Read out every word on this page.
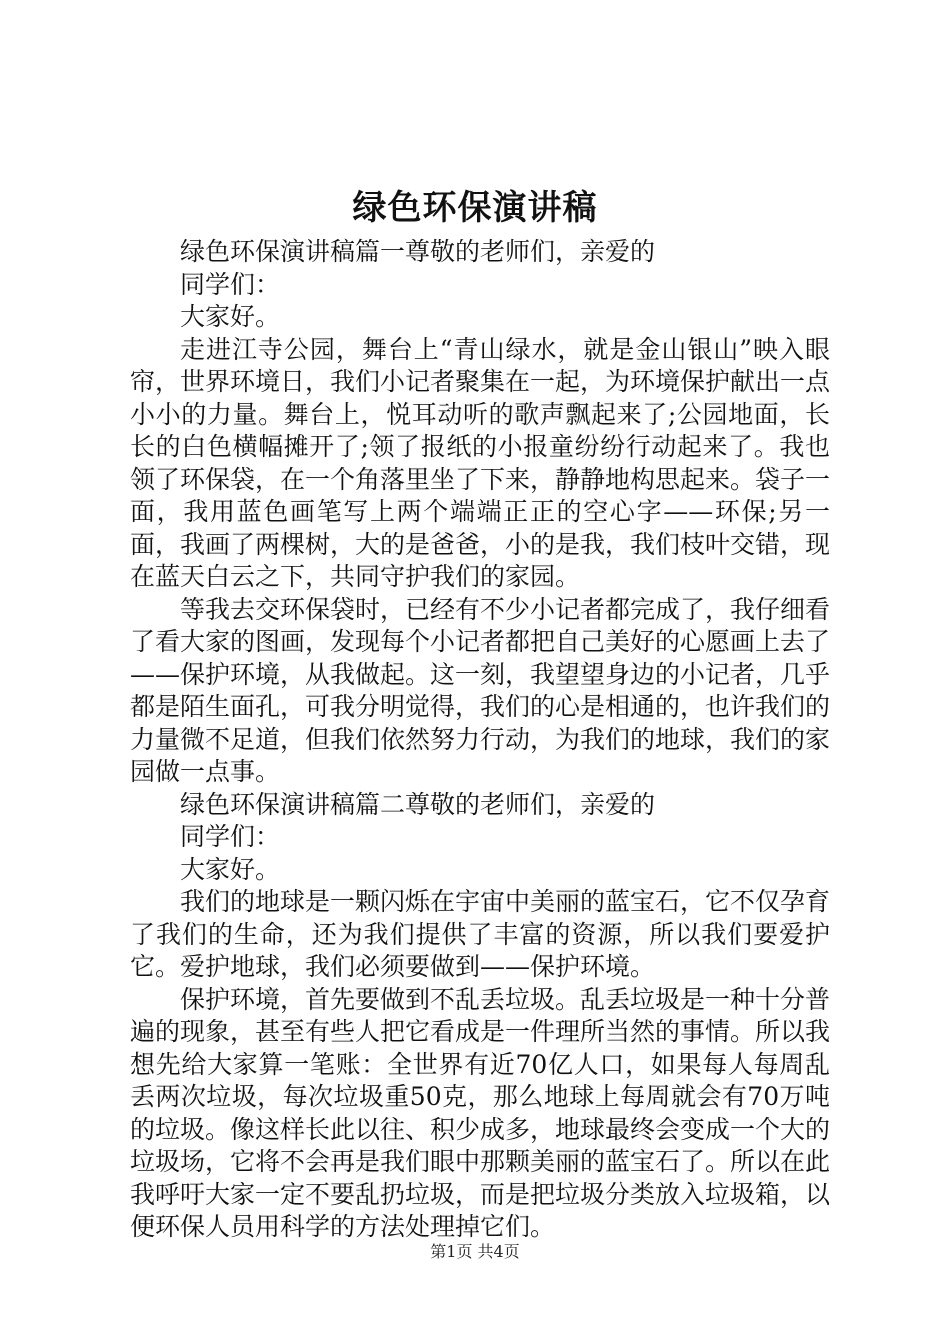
绿色环保演讲稿

绿色环保演讲稿篇一尊敬的老师们，亲爱的

同学们：

大家好。

走进江寺公园，舞台上“青山绿水，就是金山银山”映入眼帘，世界环境日，我们小记者聚集在一起，为环境保护献出一点小小的力量。舞台上，悦耳动听的歌声飘起来了;公园地面，长长的白色横幅摊开了;领了报纸的小报童纷纷行动起来了。我也领了环保袋，在一个角落里坐了下来，静静地构思起来。袋子一面，我用蓝色画笔写上两个端端正正的空心字——环保;另一面，我画了两棵树，大的是爸爸，小的是我，我们枝叶交错，现在蓝天白云之下，共同守护我们的家园。

等我去交环保袋时，已经有不少小记者都完成了，我仔细看了看大家的图画，发现每个小记者都把自己美好的心愿画上去了——保护环境，从我做起。这一刻，我望望身边的小记者，几乎都是陌生面孔，可我分明觉得，我们的心是相通的，也许我们的力量微不足道，但我们依然努力行动，为我们的地球，我们的家园做一点事。

绿色环保演讲稿篇二尊敬的老师们，亲爱的

同学们：

大家好。

我们的地球是一颗闪烁在宇宙中美丽的蓝宝石，它不仅孕育了我们的生命，还为我们提供了丰富的资源，所以我们要爱护它。爱护地球，我们必须要做到——保护环境。

保护环境，首先要做到不乱丢垃圾。乱丢垃圾是一种十分普遍的现象，甚至有些人把它看成是一件理所当然的事情。所以我想先给大家算一笔账：全世界有近70亿人口，如果每人每周乱丢两次垃圾，每次垃圾重50克，那么地球上每周就会有70万吨的垃圾。像这样长此以往、积少成多，地球最终会变成一个大的垃圾场，它将不会再是我们眼中那颗美丽的蓝宝石了。所以在此我呼吁大家一定不要乱扔垃圾，而是把垃圾分类放入垃圾箱，以便环保人员用科学的方法处理掉它们。

第1页 共4页
